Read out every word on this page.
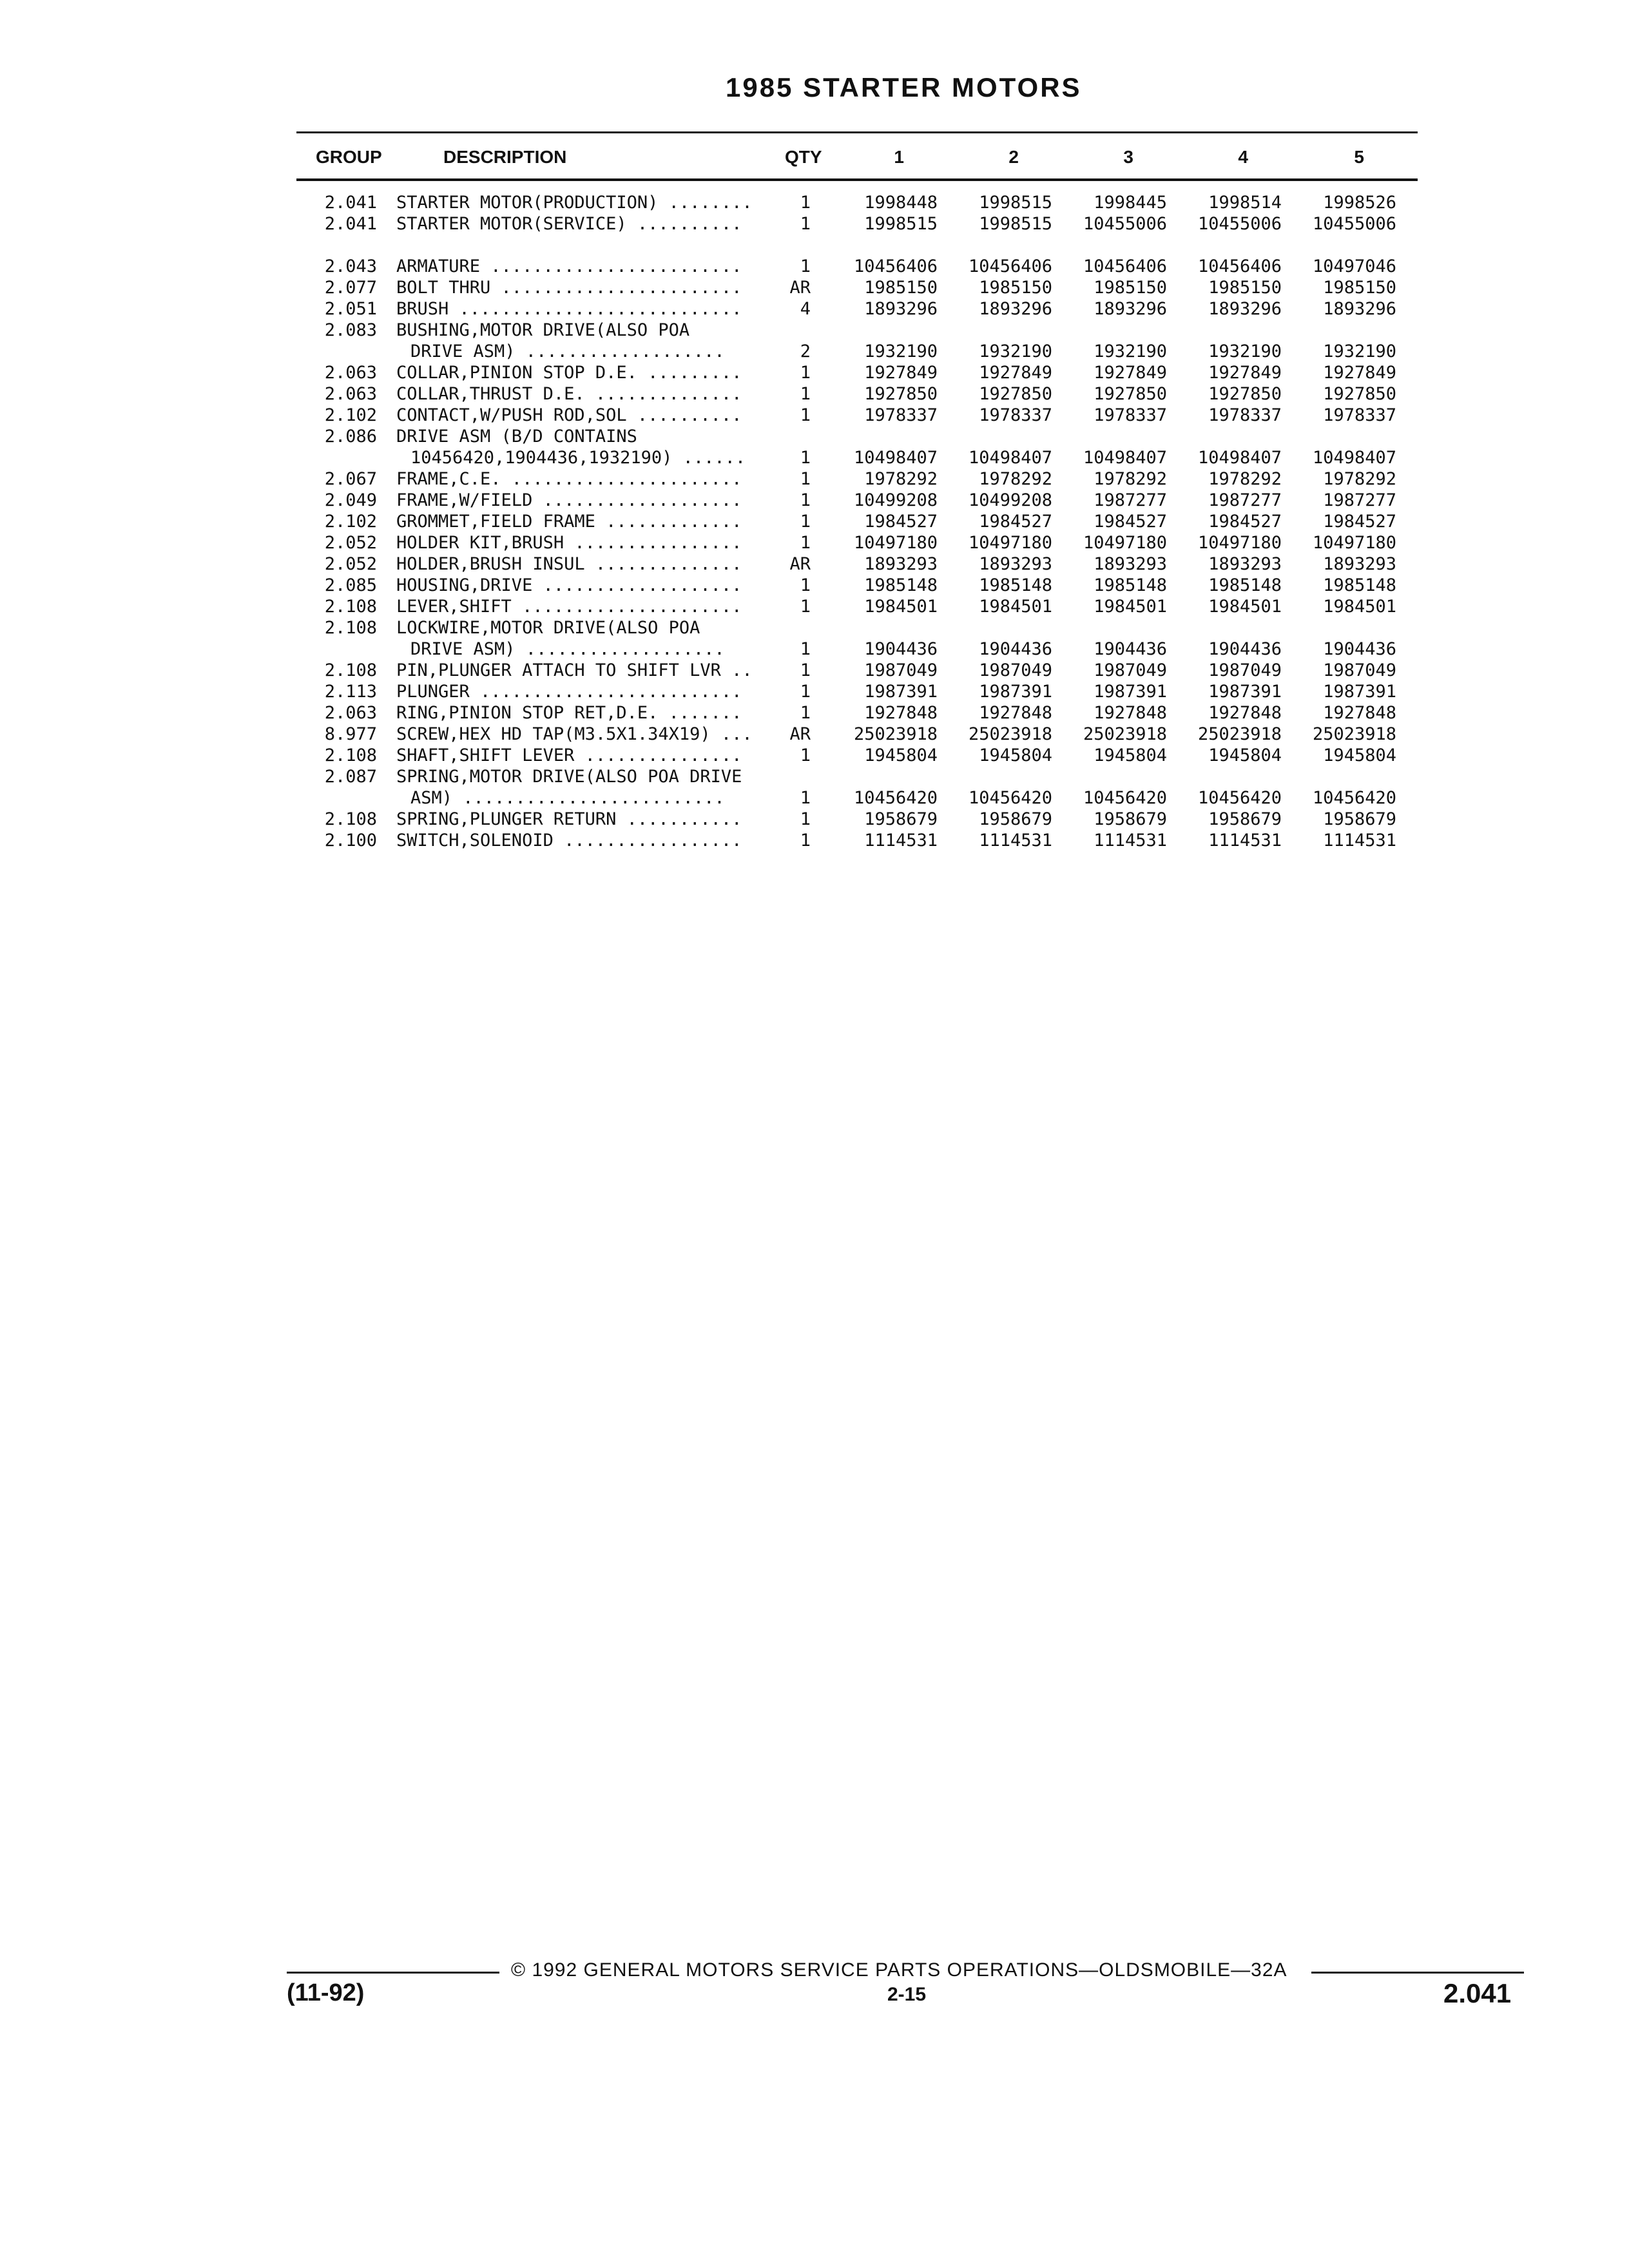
1985 STARTER MOTORS
GROUP	DESCRIPTION	QTY	1	2	3	4	5
2.041 STARTER MOTOR(PRODUCTION) ........	1	1998448	1998515	1998445	1998514	1998526
2.041 STARTER MOTOR(SERVICE) ..........	1	1998515	1998515	10455006	10455006	10455006
2.043 ARMATURE ........................	1	10456406	10456406	10456406	10456406	10497046
2.077 BOLT THRU .......................	AR	1985150	1985150	1985150	1985150	1985150
2.051 BRUSH ...........................	4	1893296	1893296	1893296	1893296	1893296
2.083 BUSHING,MOTOR DRIVE(ALSO POA
DRIVE ASM) ...................	2	1932190	1932190	1932190	1932190	1932190
2.063 COLLAR,PINION STOP D.E. .........	1	1927849	1927849	1927849	1927849	1927849
2.063 COLLAR,THRUST D.E. ..............	1	1927850	1927850	1927850	1927850	1927850
2.102 CONTACT,W/PUSH ROD,SOL ..........	1	1978337	1978337	1978337	1978337	1978337
2.086 DRIVE ASM (B/D CONTAINS
10456420,1904436,1932190) ......	1	10498407	10498407	10498407	10498407	10498407
2.067 FRAME,C.E. ......................	1	1978292	1978292	1978292	1978292	1978292
2.049 FRAME,W/FIELD ...................	1	10499208	10499208	1987277	1987277	1987277
2.102 GROMMET,FIELD FRAME .............	1	1984527	1984527	1984527	1984527	1984527
2.052 HOLDER KIT,BRUSH ................	1	10497180	10497180	10497180	10497180	10497180
2.052 HOLDER,BRUSH INSUL ..............	AR	1893293	1893293	1893293	1893293	1893293
2.085 HOUSING,DRIVE ...................	1	1985148	1985148	1985148	1985148	1985148
2.108 LEVER,SHIFT .....................	1	1984501	1984501	1984501	1984501	1984501
2.108 LOCKWIRE,MOTOR DRIVE(ALSO POA
DRIVE ASM) ...................	1	1904436	1904436	1904436	1904436	1904436
2.108 PIN,PLUNGER ATTACH TO SHIFT LVR ..	1	1987049	1987049	1987049	1987049	1987049
2.113 PLUNGER .........................	1	1987391	1987391	1987391	1987391	1987391
2.063 RING,PINION STOP RET,D.E. .......	1	1927848	1927848	1927848	1927848	1927848
8.977 SCREW,HEX HD TAP(M3.5X1.34X19) ...	AR	25023918	25023918	25023918	25023918	25023918
2.108 SHAFT,SHIFT LEVER ...............	1	1945804	1945804	1945804	1945804	1945804
2.087 SPRING,MOTOR DRIVE(ALSO POA DRIVE
ASM) .........................	1	10456420	10456420	10456420	10456420	10456420
2.108 SPRING,PLUNGER RETURN ...........	1	1958679	1958679	1958679	1958679	1958679
2.100 SWITCH,SOLENOID .................	1	1114531	1114531	1114531	1114531	1114531
© 1992 GENERAL MOTORS SERVICE PARTS OPERATIONS—OLDSMOBILE—32A
(11-92)	2-15	2.041
